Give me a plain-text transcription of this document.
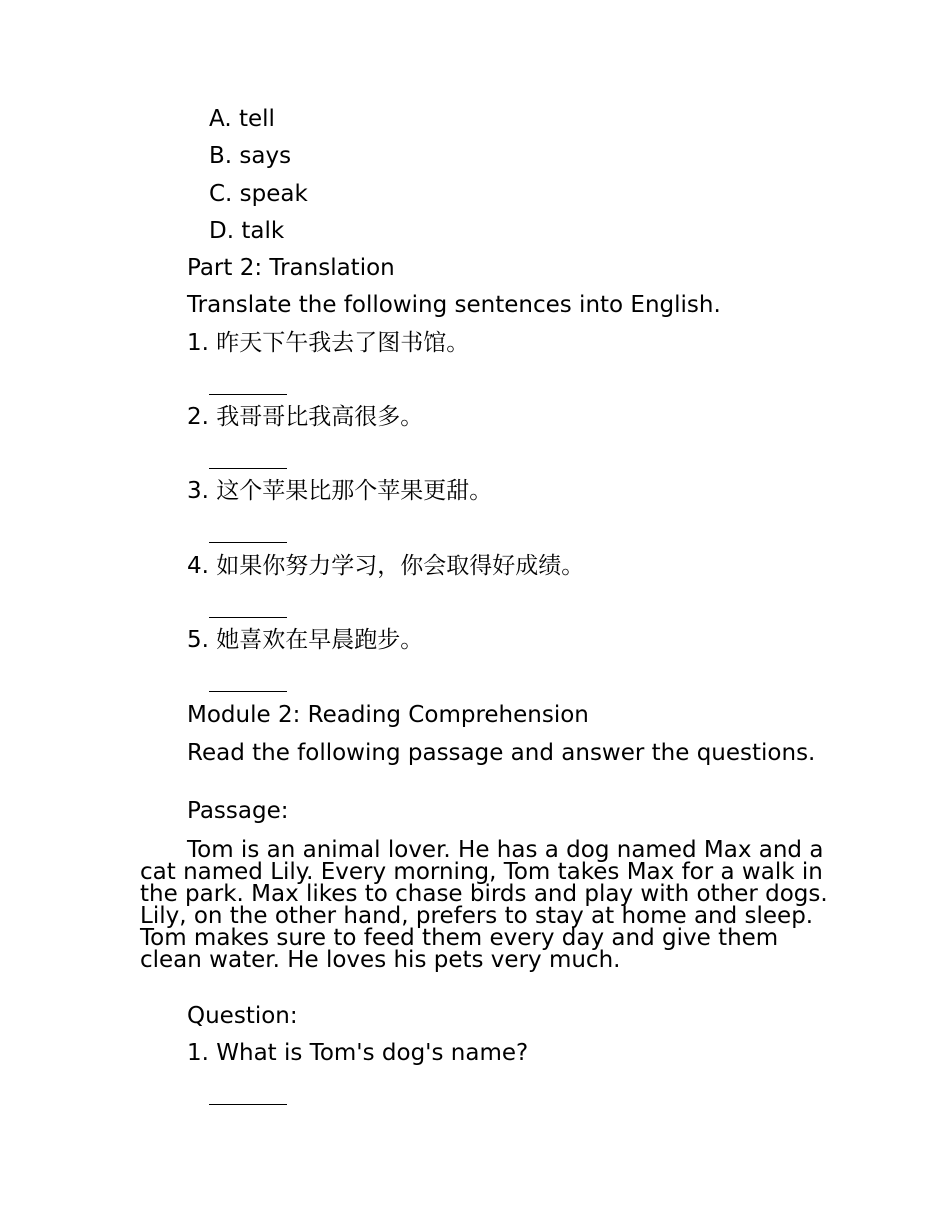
A. tell

B. says

C. speak

D. talk

Part 2: Translation

Translate the following sentences into English.

1. 昨天下午我去了图书馆。

2. 我哥哥比我高很多。

3. 这个苹果比那个苹果更甜。

4. 如果你努力学习，你会取得好成绩。

5. 她喜欢在早晨跑步。

Module 2: Reading Comprehension

Read the following passage and answer the questions.

Passage:

Tom is an animal lover. He has a dog named Max and a cat named Lily. Every morning, Tom takes Max for a walk in the park. Max likes to chase birds and play with other dogs. Lily, on the other hand, prefers to stay at home and sleep. Tom makes sure to feed them every day and give them clean water. He loves his pets very much.

Question:

1. What is Tom's dog's name?
